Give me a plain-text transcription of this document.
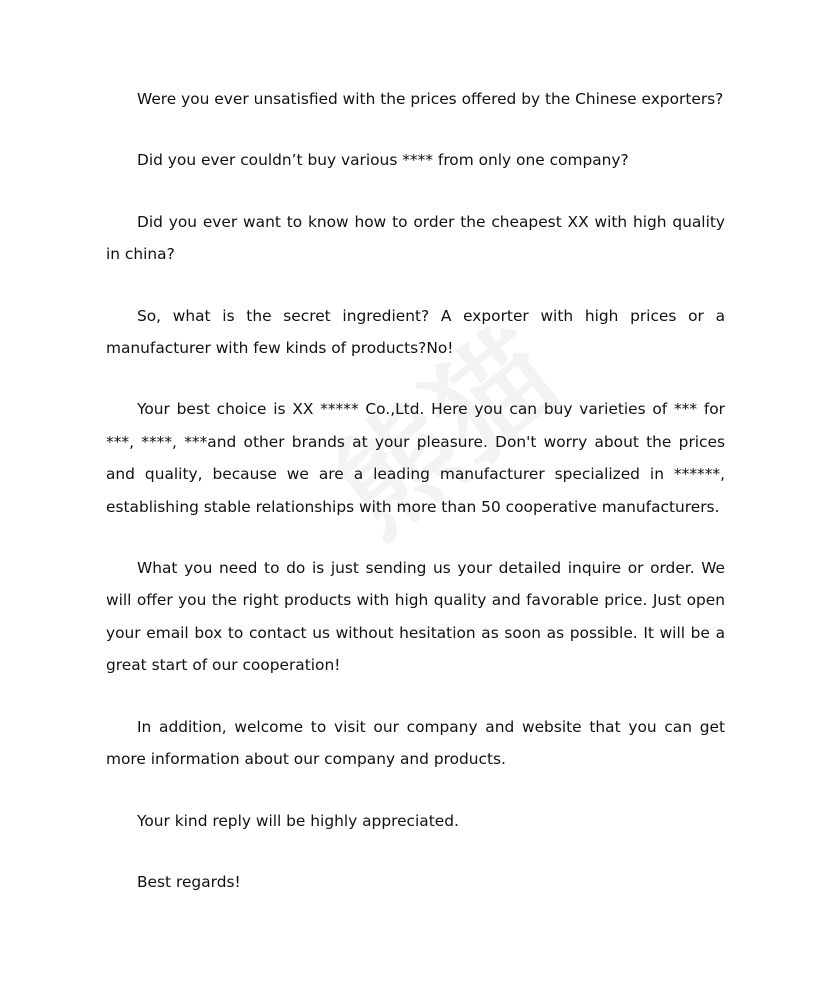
Were you ever unsatisfied with the prices offered by the Chinese exporters?

Did you ever couldn’t buy various **** from only one company?

Did you ever want to know how to order the cheapest XX with high quality in china?

So, what is the secret ingredient? A exporter with high prices or a manufacturer with few kinds of products?No!

Your best choice is XX ***** Co.,Ltd. Here you can buy varieties of *** for ***, ****, ***and other brands at your pleasure. Don't worry about the prices and quality, because we are a leading manufacturer specialized in ******, establishing stable relationships with more than 50 cooperative manufacturers.

What you need to do is just sending us your detailed inquire or order. We will offer you the right products with high quality and favorable price. Just open your email box to contact us without hesitation as soon as possible. It will be a great start of our cooperation!

In addition, welcome to visit our company and website that you can get more information about our company and products.

Your kind reply will be highly appreciated.

Best regards!
